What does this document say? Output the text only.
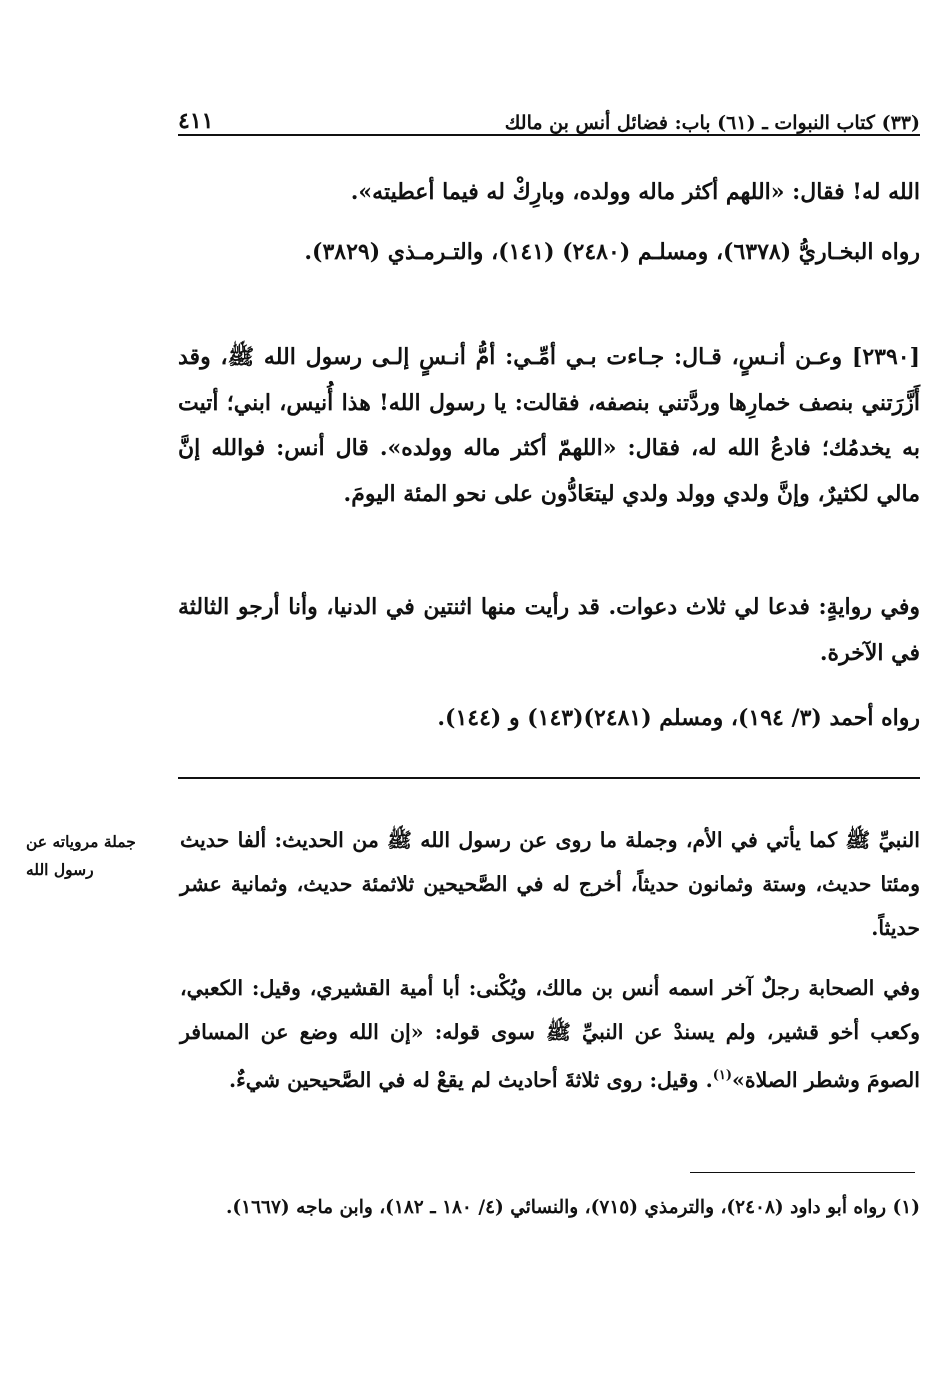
(٣٣) كتاب النبوات ـ (٦١) باب: فضائل أنس بن مالك
٤١١

الله له! فقال: «اللهم أكثر ماله وولده، وبارِكْ له فيما أعطيته».

رواه البخـاريُّ (٦٣٧٨)، ومسلـم (٢٤٨٠) (١٤١)، والتـرمـذي (٣٨٢٩).

[٢٣٩٠] وعـن أنـسٍ، قـال: جـاءت بـي أمِّـي: أمُّ أنـسٍ إلـى رسول الله ﷺ، وقد أَزَّرَتني بنصف خمارِها وردَّتني بنصفه، فقالت: يا رسول الله! هذا أُنيس، ابني؛ أتيت به يخدمُك؛ فادعُ الله له، فقال: «اللهمّ أكثر ماله وولده». قال أنس: فوالله إنَّ مالي لكثيرٌ، وإنَّ ولدي وولد ولدي ليتعَادُّون على نحو المئة اليومَ.

وفي روايةٍ: فدعا لي ثلاث دعوات. قد رأيت منها اثنتين في الدنيا، وأنا أرجو الثالثة في الآخرة.

رواه أحمد (٣/ ١٩٤)، ومسلم (٢٤٨١)(١٤٣) و (١٤٤).

جملة مروياته عن رسول الله

النبيِّ ﷺ كما يأتي في الأم، وجملة ما روى عن رسول الله ﷺ من الحديث: ألفا حديث ومئتا حديث، وستة وثمانون حديثاً، أخرج له في الصَّحيحين ثلاثمئة حديث، وثمانية عشر حديثاً.

وفي الصحابة رجلٌ آخر اسمه أنس بن مالك، ويُكْنى: أبا أمية القشيري، وقيل: الكعبي، وكعب أخو قشير، ولم يسندْ عن النبيِّ ﷺ سوى قوله: «إن الله وضع عن المسافر الصومَ وشطر الصلاة»$^{(١)}$. وقيل: روى ثلاثةَ أحاديث لم يقعْ له في الصَّحيحين شيءٌ.

(١) رواه أبو داود (٢٤٠٨)، والترمذي (٧١٥)، والنسائي (٤/ ١٨٠ ـ ١٨٢)، وابن ماجه (١٦٦٧).
